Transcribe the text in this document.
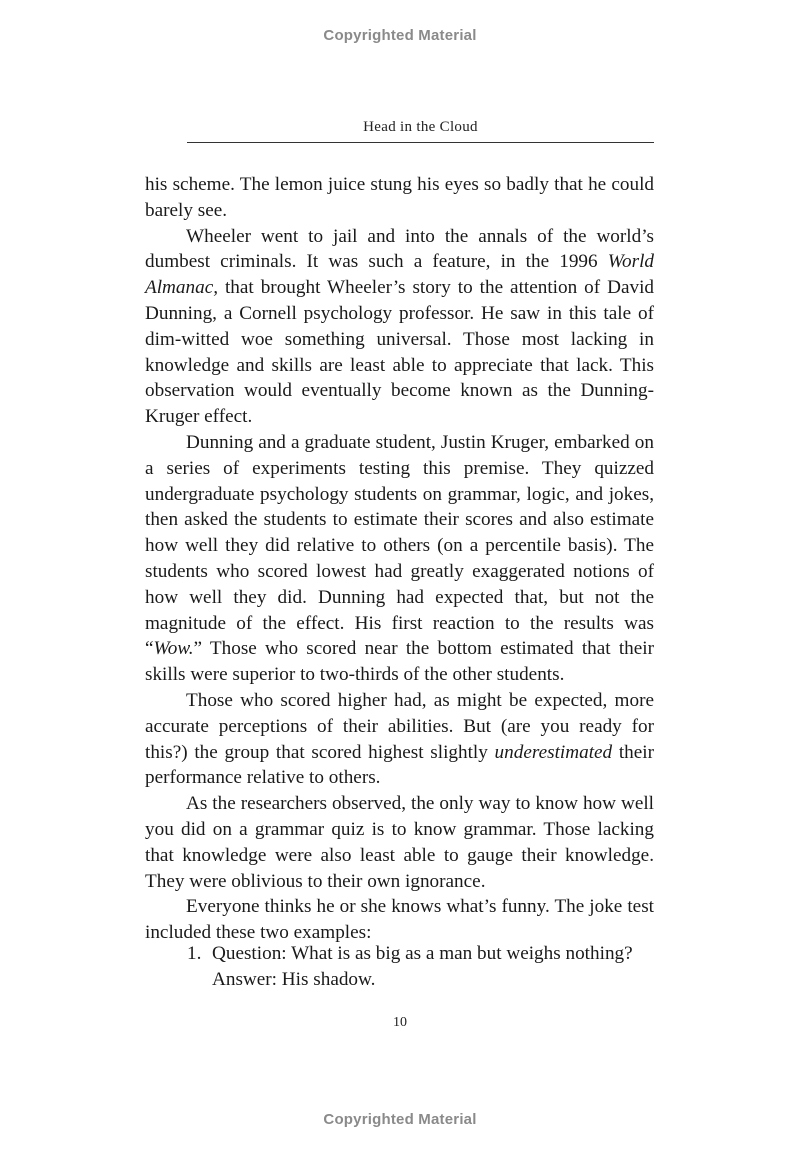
Copyrighted Material
Head in the Cloud

his scheme. The lemon juice stung his eyes so badly that he could barely see.

Wheeler went to jail and into the annals of the world’s dumbest criminals. It was such a feature, in the 1996 World Almanac, that brought Wheeler’s story to the attention of David Dunning, a Cornell psychology professor. He saw in this tale of dim-witted woe something universal. Those most lacking in knowledge and skills are least able to appreciate that lack. This observation would eventually become known as the Dunning-Kruger effect.

Dunning and a graduate student, Justin Kruger, embarked on a series of experiments testing this premise. They quizzed undergraduate psychology students on grammar, logic, and jokes, then asked the students to estimate their scores and also estimate how well they did relative to others (on a percentile basis). The students who scored lowest had greatly exaggerated notions of how well they did. Dunning had expected that, but not the magnitude of the effect. His first reaction to the results was “Wow.” Those who scored near the bottom estimated that their skills were superior to two-thirds of the other students.

Those who scored higher had, as might be expected, more accurate perceptions of their abilities. But (are you ready for this?) the group that scored highest slightly underestimated their performance relative to others.

As the researchers observed, the only way to know how well you did on a grammar quiz is to know grammar. Those lacking that knowledge were also least able to gauge their knowledge. They were oblivious to their own ignorance.

Everyone thinks he or she knows what’s funny. The joke test included these two examples:

1. Question: What is as big as a man but weighs nothing?
Answer: His shadow.
10
Copyrighted Material
